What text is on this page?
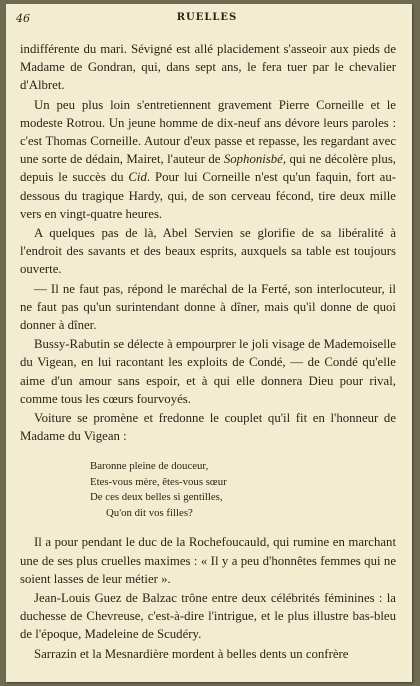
46	RUELLES

indifférente du mari. Sévigné est allé placidement s'asseoir aux pieds de Madame de Gondran, qui, dans sept ans, le fera tuer par le chevalier d'Albret.

Un peu plus loin s'entretiennent gravement Pierre Corneille et le modeste Rotrou. Un jeune homme de dix-neuf ans dévore leurs paroles : c'est Thomas Corneille. Autour d'eux passe et repasse, les regardant avec une sorte de dédain, Mairet, l'auteur de Sophonisbé, qui ne décolère plus, depuis le succès du Cid. Pour lui Corneille n'est qu'un faquin, fort au-dessous du tragique Hardy, qui, de son cerveau fécond, tire deux mille vers en vingt-quatre heures.

A quelques pas de là, Abel Servien se glorifie de sa libéralité à l'endroit des savants et des beaux esprits, auxquels sa table est toujours ouverte.

— Il ne faut pas, répond le maréchal de la Ferté, son interlocuteur, il ne faut pas qu'un surintendant donne à dîner, mais qu'il donne de quoi donner à dîner.

Bussy-Rabutin se délecte à empourprer le joli visage de Mademoiselle du Vigean, en lui racontant les exploits de Condé, — de Condé qu'elle aime d'un amour sans espoir, et à qui elle donnera Dieu pour rival, comme tous les cœurs fourvoyés.

Voiture se promène et fredonne le couplet qu'il fit en l'honneur de Madame du Vigean :

Baronne pleine de douceur,
Etes-vous mère, êtes-vous sœur
De ces deux belles si gentilles,
Qu'on dit vos filles?

Il a pour pendant le duc de la Rochefoucauld, qui rumine en marchant une de ses plus cruelles maximes : « Il y a peu d'honnêtes femmes qui ne soient lasses de leur métier ».

Jean-Louis Guez de Balzac trône entre deux célébrités féminines : la duchesse de Chevreuse, c'est-à-dire l'intrigue, et le plus illustre bas-bleu de l'époque, Madeleine de Scudéry.

Sarrazin et la Mesnardière mordent à belles dents un confrère
